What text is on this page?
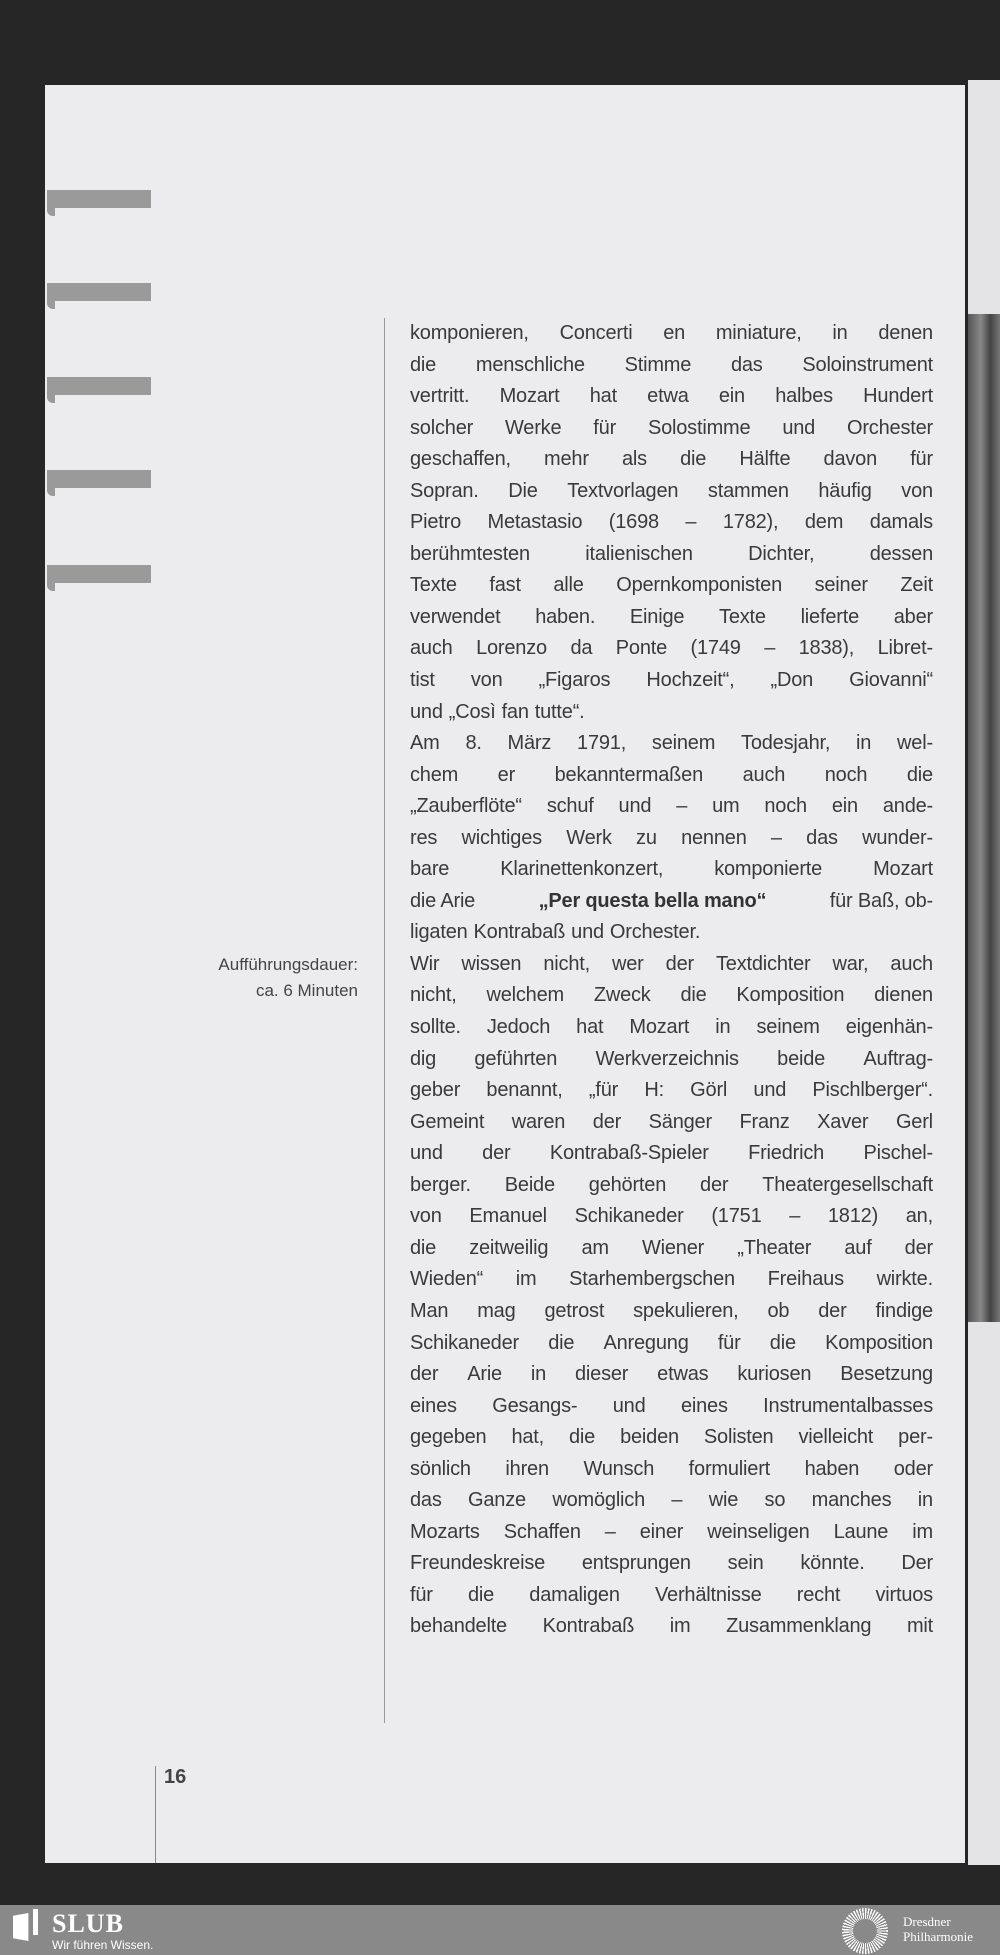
Aufführungsdauer:
ca. 6 Minuten
komponieren, Concerti en miniature, in denen
die menschliche Stimme das Soloinstrument
vertritt. Mozart hat etwa ein halbes Hundert
solcher Werke für Solostimme und Orchester
geschaffen, mehr als die Hälfte davon für
Sopran. Die Textvorlagen stammen häufig von
Pietro Metastasio (1698 – 1782), dem damals
berühmtesten	italienischen	Dichter,	dessen
Texte fast alle Opernkomponisten seiner Zeit
verwendet haben. Einige Texte lieferte aber
auch Lorenzo da Ponte (1749 – 1838), Libret-
tist von „Figaros Hochzeit“, „Don Giovanni“
und „Così fan tutte“.
Am 8. März 1791, seinem Todesjahr, in wel-
chem er bekanntermaßen auch noch die
„Zauberflöte“ schuf und – um noch ein ande-
res wichtiges Werk zu nennen – das wunder-
bare	Klarinettenkonzert,	komponierte	Mozart
die Arie	„Per questa bella mano“	für Baß, ob-
ligaten Kontrabaß und Orchester.
Wir wissen nicht, wer der Textdichter war, auch
nicht, welchem Zweck die Komposition dienen
sollte. Jedoch hat Mozart in seinem eigenhän-
dig geführten Werkverzeichnis beide Auftrag-
geber benannt, „für H: Görl und Pischlberger“.
Gemeint waren der Sänger Franz Xaver Gerl
und der Kontrabaß-Spieler Friedrich Pischel-
berger. Beide gehörten der Theatergesellschaft
von Emanuel Schikaneder (1751 – 1812) an,
die zeitweilig am Wiener „Theater auf der
Wieden“ im Starhembergschen Freihaus wirkte.
Man mag getrost spekulieren, ob der findige
Schikaneder die Anregung für die Komposition
der Arie in dieser etwas kuriosen Besetzung
eines Gesangs- und eines Instrumentalbasses
gegeben hat, die beiden Solisten vielleicht per-
sönlich ihren Wunsch formuliert haben oder
das Ganze womöglich – wie so manches in
Mozarts Schaffen – einer weinseligen Laune im
Freundeskreise entsprungen sein könnte. Der
für die damaligen Verhältnisse recht virtuos
behandelte Kontrabaß im Zusammenklang mit
16
SLUB
Wir führen Wissen.
Dresdner
Philharmonie
